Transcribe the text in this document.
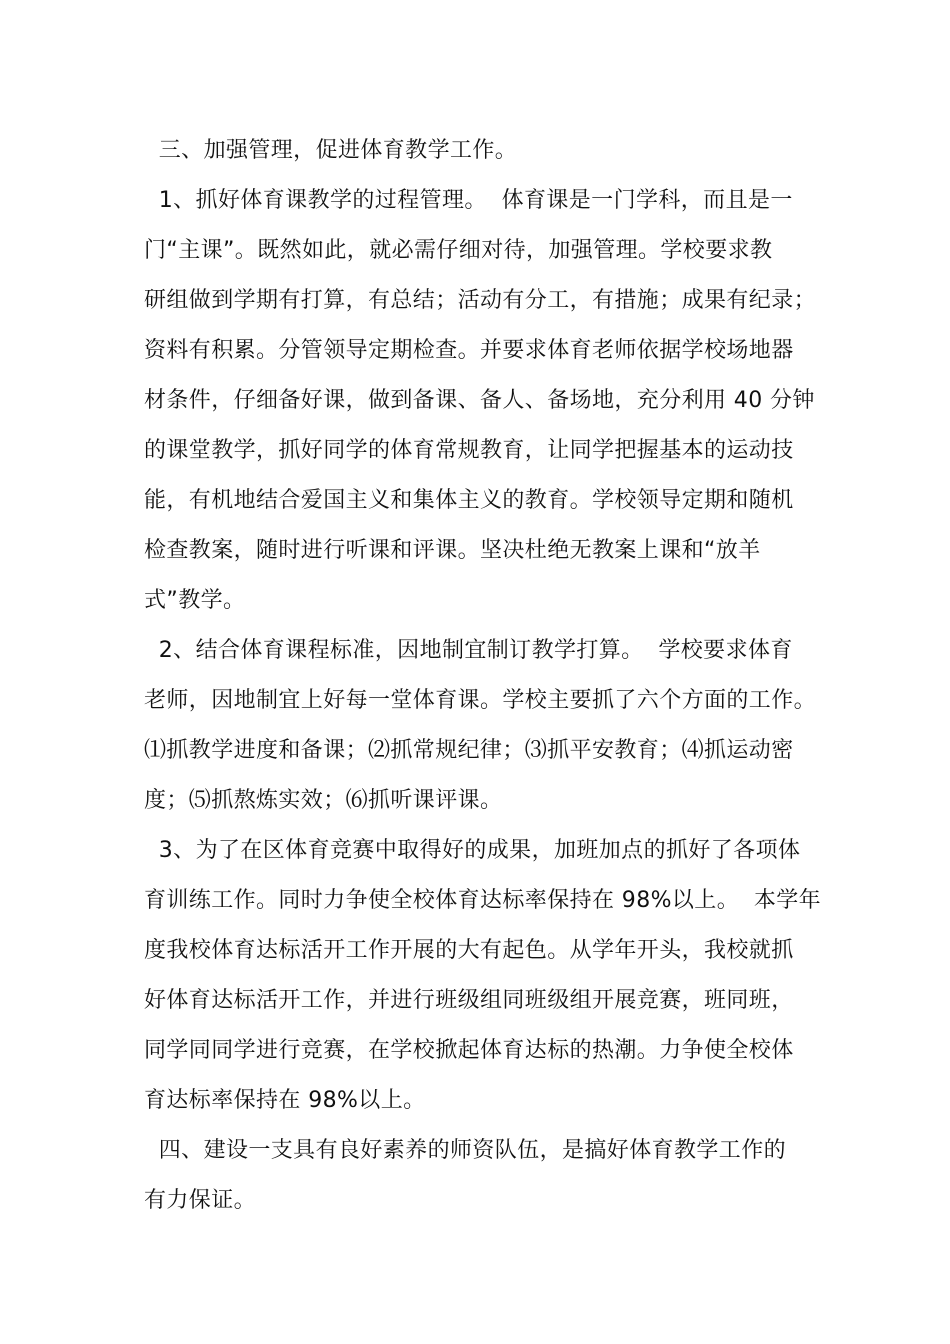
三、加强管理，促进体育教学工作。
1、抓好体育课教学的过程管理。  体育课是一门学科，而且是一
门“主课”。既然如此，就必需仔细对待，加强管理。学校要求教
研组做到学期有打算，有总结；活动有分工，有措施；成果有纪录；
资料有积累。分管领导定期检查。并要求体育老师依据学校场地器
材条件，仔细备好课，做到备课、备人、备场地，充分利用 40 分钟
的课堂教学，抓好同学的体育常规教育，让同学把握基本的运动技
能，有机地结合爱国主义和集体主义的教育。学校领导定期和随机
检查教案，随时进行听课和评课。坚决杜绝无教案上课和“放羊
式”教学。
2、结合体育课程标准，因地制宜制订教学打算。  学校要求体育
老师，因地制宜上好每一堂体育课。学校主要抓了六个方面的工作。
⑴抓教学进度和备课；⑵抓常规纪律；⑶抓平安教育；⑷抓运动密
度；⑸抓熬炼实效；⑹抓听课评课。
3、为了在区体育竞赛中取得好的成果，加班加点的抓好了各项体
育训练工作。同时力争使全校体育达标率保持在 98%以上。  本学年
度我校体育达标活开工作开展的大有起色。从学年开头，我校就抓
好体育达标活开工作，并进行班级组同班级组开展竞赛，班同班，
同学同同学进行竞赛，在学校掀起体育达标的热潮。力争使全校体
育达标率保持在 98%以上。
四、建设一支具有良好素养的师资队伍，是搞好体育教学工作的
有力保证。
